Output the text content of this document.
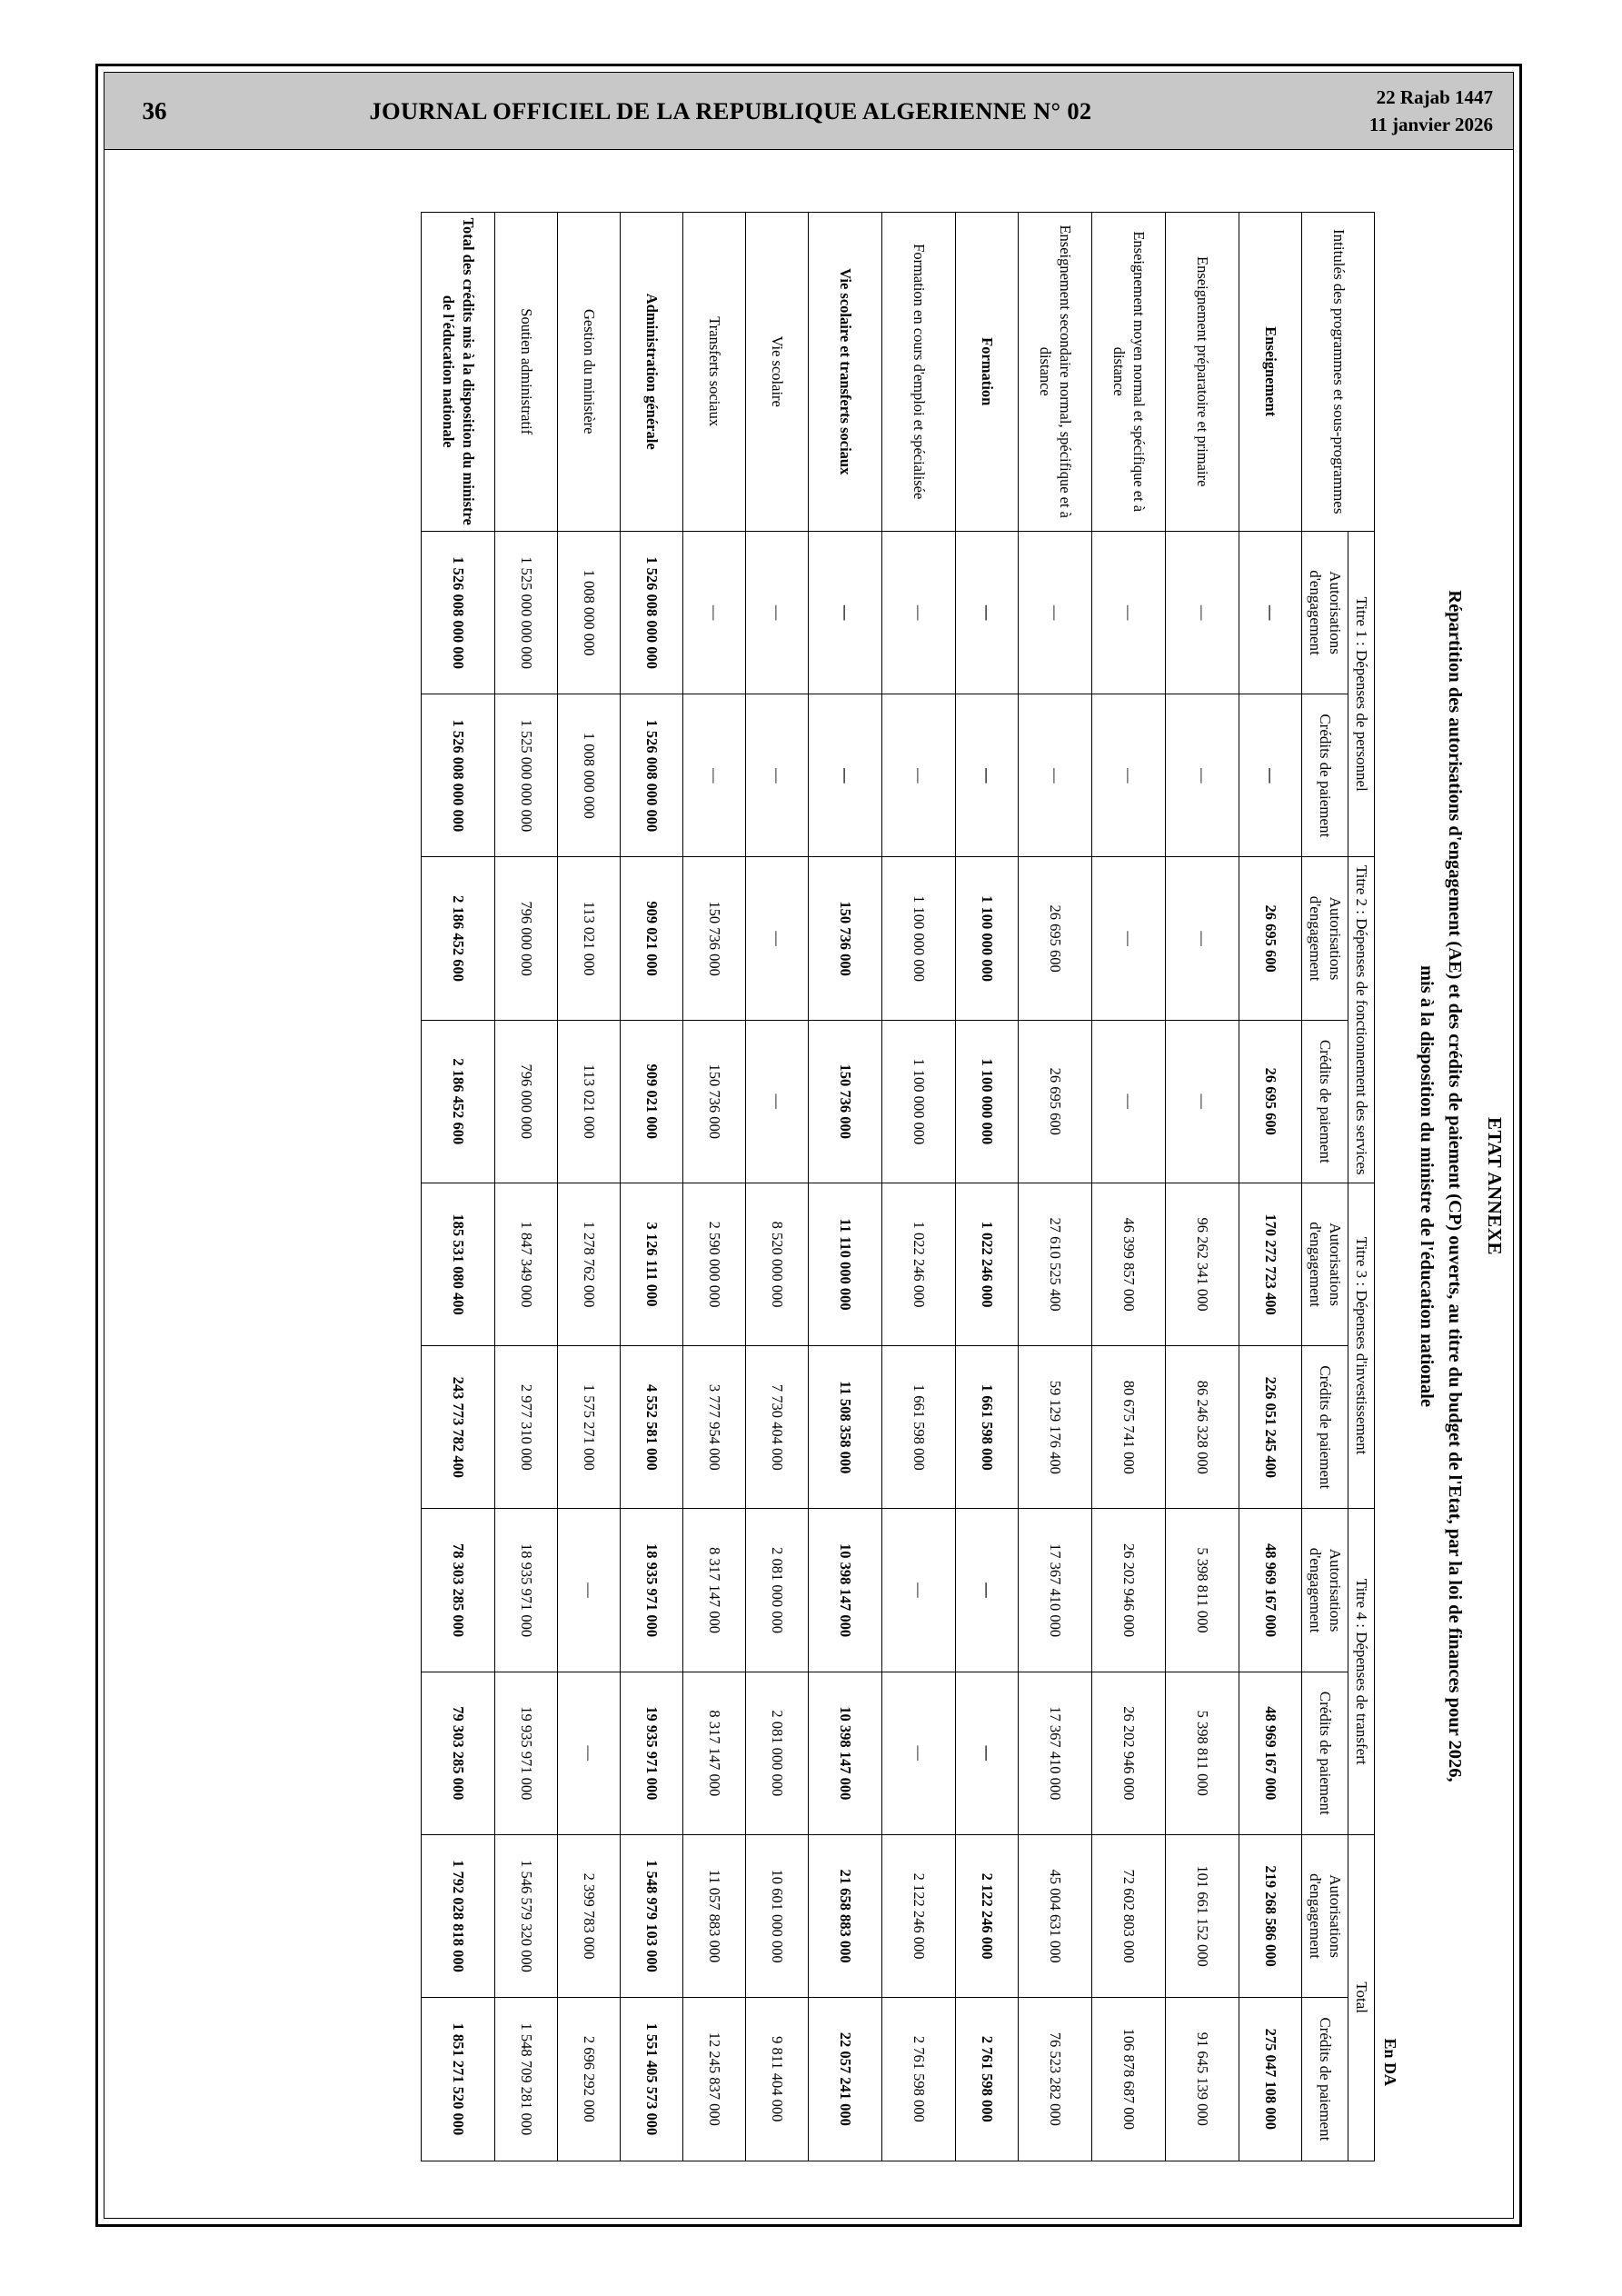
36	JOURNAL OFFICIEL DE LA REPUBLIQUE ALGERIENNE N° 02	22 Rajab 1447
11 janvier 2026
ETAT ANNEXE
Répartition des autorisations d'engagement (AE) et des crédits de paiement (CP) ouverts, au titre du budget de l'Etat, par la loi de finances pour 2026,
mis à la disposition du ministre de l'éducation nationale
En DA
Intitulés des programmes et sous-programmes	Titre 1 : Dépenses de personnel		Titre 2 : Dépenses de fonctionnement des services		Titre 3 : Dépenses d'investissement		Titre 4 : Dépenses de transfert		Total	
	Autorisations d'engagement	Crédits de paiement	Autorisations d'engagement	Crédits de paiement	Autorisations d'engagement	Crédits de paiement	Autorisations d'engagement	Crédits de paiement	Autorisations d'engagement	Crédits de paiement
Enseignement	—	—	26 695 600	26 695 600	170 272 723 400	226 051 245 400	48 969 167 000	48 969 167 000	219 268 586 000	275 047 108 000
Enseignement préparatoire et primaire	—	—	—	—	96 262 341 000	86 246 328 000	5 398 811 000	5 398 811 000	101 661 152 000	91 645 139 000
Enseignement moyen normal et spécifique et à distance	—	—	—	—	46 399 857 000	80 675 741 000	26 202 946 000	26 202 946 000	72 602 803 000	106 878 687 000
Enseignement secondaire normal, spécifique et à distance	—	—	26 695 600	26 695 600	27 610 525 400	59 129 176 400	17 367 410 000	17 367 410 000	45 004 631 000	76 523 282 000
Formation	—	—	1 100 000 000	1 100 000 000	1 022 246 000	1 661 598 000	—	—	2 122 246 000	2 761 598 000
Formation en cours d'emploi et spécialisée	—	—	1 100 000 000	1 100 000 000	1 022 246 000	1 661 598 000	—	—	2 122 246 000	2 761 598 000
Vie scolaire et transferts sociaux	—	—	150 736 000	150 736 000	11 110 000 000	11 508 358 000	10 398 147 000	10 398 147 000	21 658 883 000	22 057 241 000
Vie scolaire	—	—	—	—	8 520 000 000	7 730 404 000	2 081 000 000	2 081 000 000	10 601 000 000	9 811 404 000
Transferts sociaux	—	—	150 736 000	150 736 000	2 590 000 000	3 777 954 000	8 317 147 000	8 317 147 000	11 057 883 000	12 245 837 000
Administration générale	1 526 008 000 000	1 526 008 000 000	909 021 000	909 021 000	3 126 111 000	4 552 581 000	18 935 971 000	19 935 971 000	1 548 979 103 000	1 551 405 573 000
Gestion du ministère	1 008 000 000	1 008 000 000	113 021 000	113 021 000	1 278 762 000	1 575 271 000	—	—	2 399 783 000	2 696 292 000
Soutien administratif	1 525 000 000 000	1 525 000 000 000	796 000 000	796 000 000	1 847 349 000	2 977 310 000	18 935 971 000	19 935 971 000	1 546 579 320 000	1 548 709 281 000
Total des crédits mis à la disposition du ministre de l'éducation nationale	1 526 008 000 000	1 526 008 000 000	2 186 452 600	2 186 452 600	185 531 080 400	243 773 782 400	78 303 285 000	79 303 285 000	1 792 028 818 000	1 851 271 520 000
